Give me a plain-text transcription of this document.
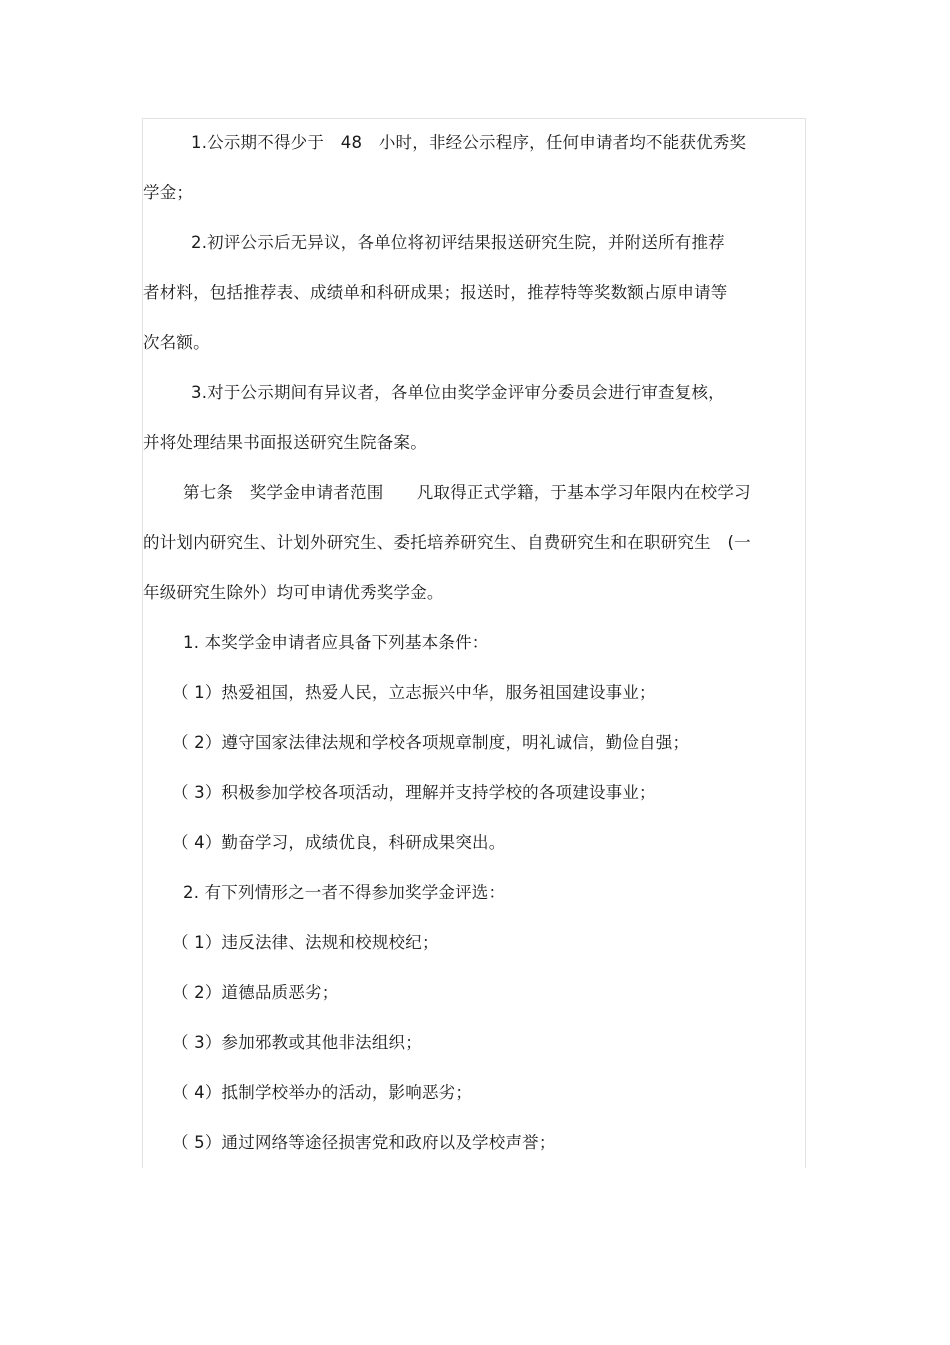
1.公示期不得少于　48　小时，非经公示程序，任何申请者均不能获优秀奖
学金；
2.初评公示后无异议，各单位将初评结果报送研究生院，并附送所有推荐
者材料，包括推荐表、成绩单和科研成果；报送时，推荐特等奖数额占原申请等
次名额。
3.对于公示期间有异议者，各单位由奖学金评审分委员会进行审查复核，
并将处理结果书面报送研究生院备案。
第七条　奖学金申请者范围　　凡取得正式学籍，于基本学习年限内在校学习
的计划内研究生、计划外研究生、委托培养研究生、自费研究生和在职研究生　(一
年级研究生除外）均可申请优秀奖学金。
1. 本奖学金申请者应具备下列基本条件：
（ 1）热爱祖国，热爱人民，立志振兴中华，服务祖国建设事业；
（ 2）遵守国家法律法规和学校各项规章制度，明礼诚信，勤俭自强；
（ 3）积极参加学校各项活动，理解并支持学校的各项建设事业；
（ 4）勤奋学习，成绩优良，科研成果突出。
2. 有下列情形之一者不得参加奖学金评选：
（ 1）违反法律、法规和校规校纪；
（ 2）道德品质恶劣；
（ 3）参加邪教或其他非法组织；
（ 4）抵制学校举办的活动，影响恶劣；
（ 5）通过网络等途径损害党和政府以及学校声誉；
